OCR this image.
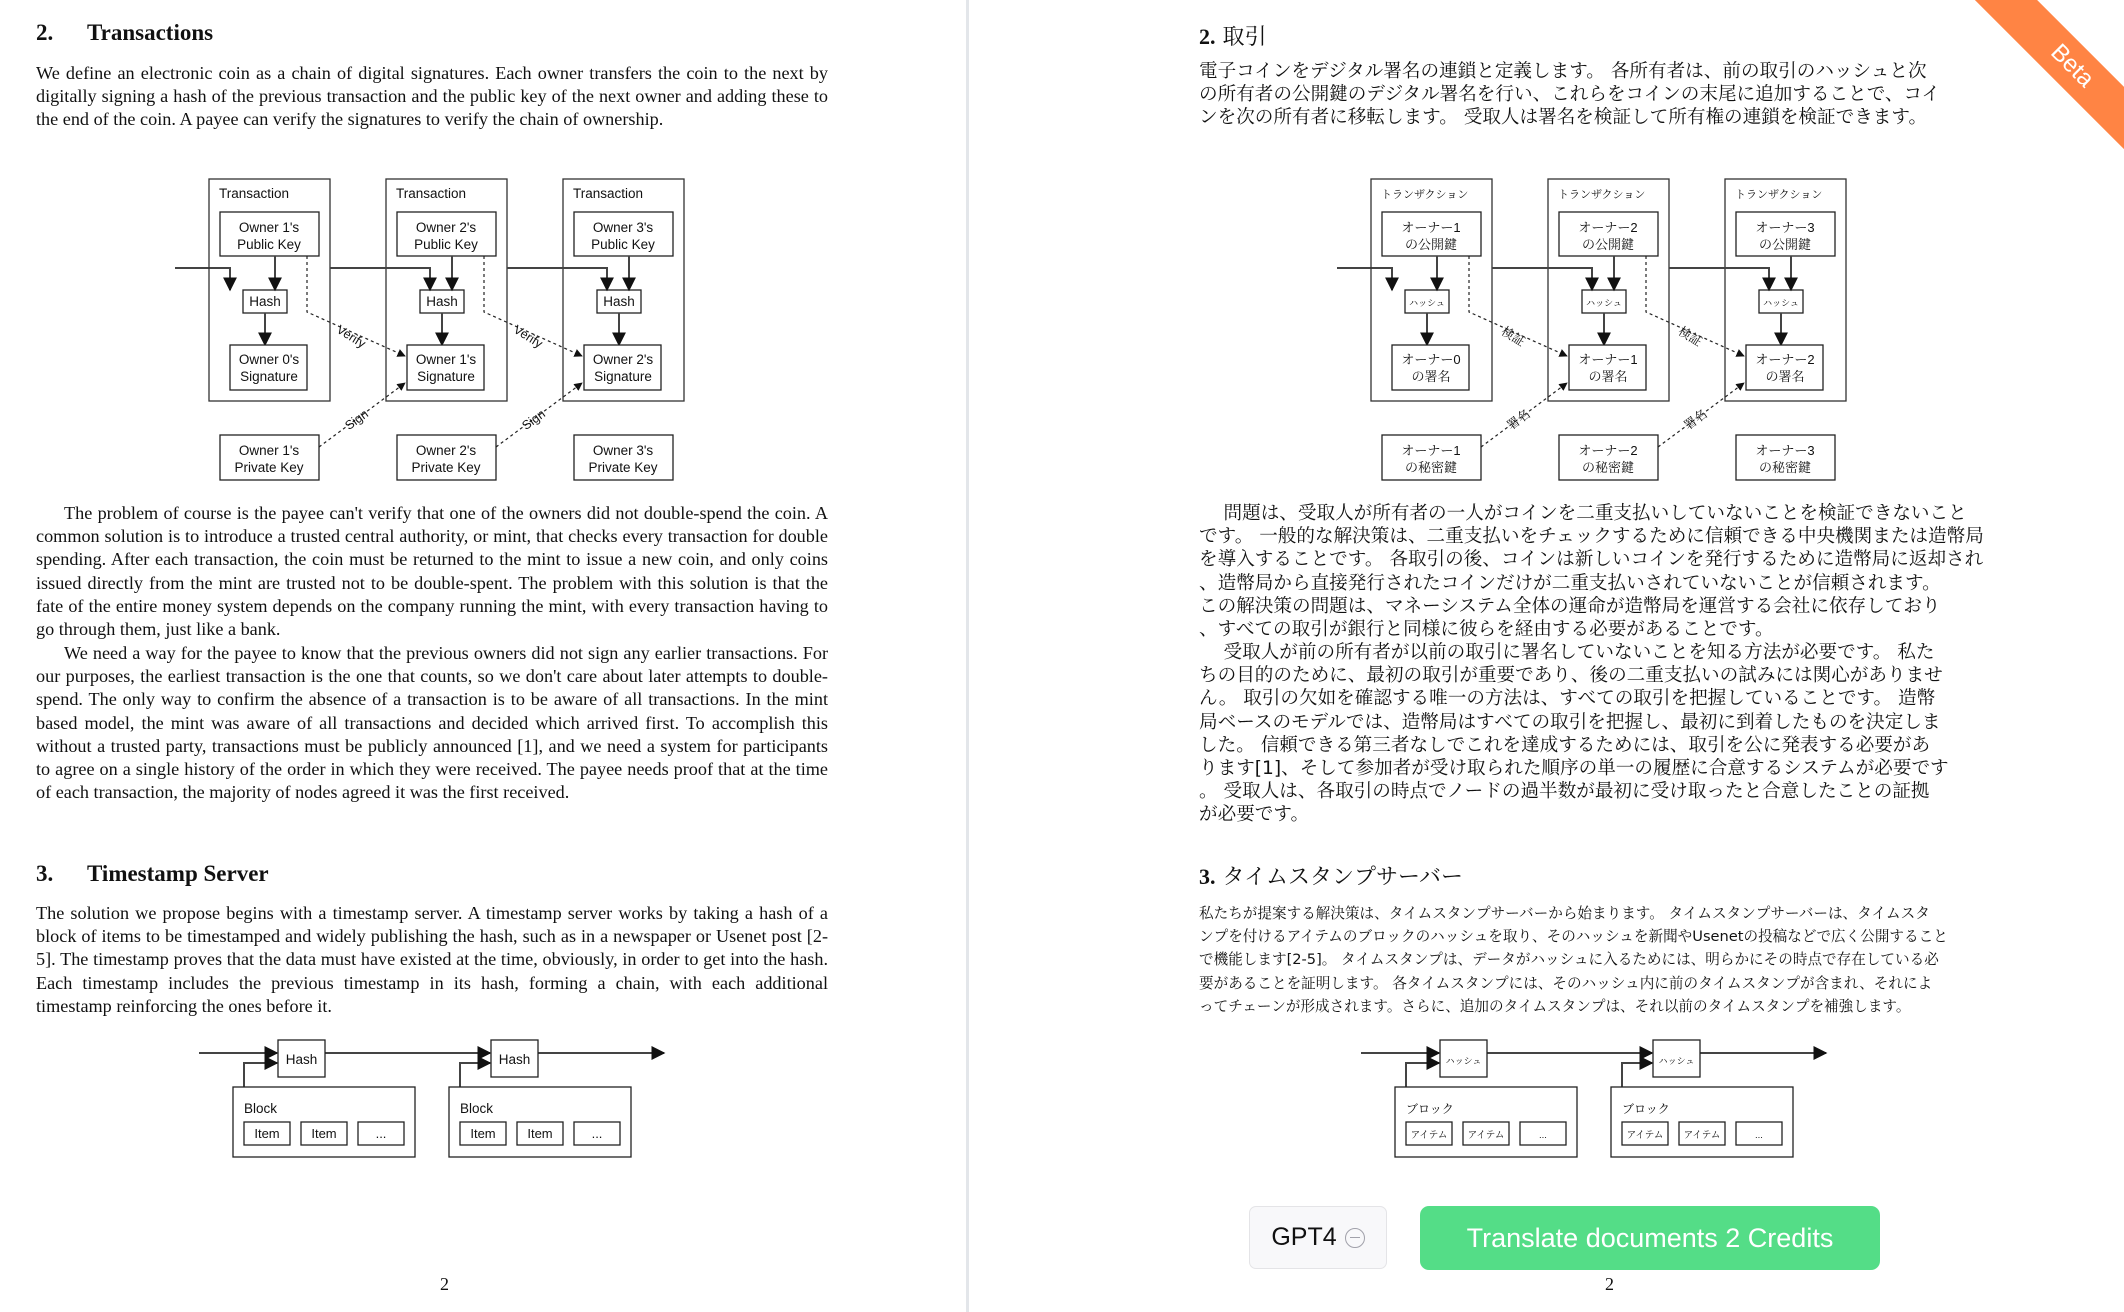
2. Transactions
We define an electronic coin as a chain of digital signatures. Each owner transfers the coin to the next by digitally signing a hash of the previous transaction and the public key of the next owner and adding these to the end of the coin. A payee can verify the signatures to verify the chain of ownership.
Transaction
Owner 1's
Public Key
Hash
Owner 0's
Signature
Owner 1's
Private Key
Verify
Sign
Transaction
Owner 2's
Public Key
Hash
Owner 1's
Signature
Owner 2's
Private Key
Verify
Sign
Transaction
Owner 3's
Public Key
Hash
Owner 2's
Signature
Owner 3's
Private Key
The problem of course is the payee can't verify that one of the owners did not double-spend the coin. A common solution is to introduce a trusted central authority, or mint, that checks every transaction for double spending. After each transaction, the coin must be returned to the mint to issue a new coin, and only coins issued directly from the mint are trusted not to be double-spent. The problem with this solution is that the fate of the entire money system depends on the company running the mint, with every transaction having to go through them, just like a bank.
We need a way for the payee to know that the previous owners did not sign any earlier transactions. For our purposes, the earliest transaction is the one that counts, so we don't care about later attempts to double-spend. The only way to confirm the absence of a transaction is to be aware of all transactions. In the mint based model, the mint was aware of all transactions and decided which arrived first. To accomplish this without a trusted party, transactions must be publicly announced [1], and we need a system for participants to agree on a single history of the order in which they were received. The payee needs proof that at the time of each transaction, the majority of nodes agreed it was the first received.
3. Timestamp Server
The solution we propose begins with a timestamp server. A timestamp server works by taking a hash of a block of items to be timestamped and widely publishing the hash, such as in a newspaper or Usenet post [2-5]. The timestamp proves that the data must have existed at the time, obviously, in order to get into the hash. Each timestamp includes the previous timestamp in its hash, forming a chain, with each additional timestamp reinforcing the ones before it.
Hash
Block
Item Item	...
Hash
Block
Item Item	...
2
2. 取引
電子コインをデジタル署名の連鎖と定義します。 各所有者は、前の取引のハッシュと次
の所有者の公開鍵のデジタル署名を行い、これらをコインの末尾に追加することで、コイ
ンを次の所有者に移転します。 受取人は署名を検証して所有権の連鎖を検証できます。
トランザクション
オーナー1
の公開鍵
ハッシュ
オーナー0
の署名
オーナー1
の秘密鍵
検証
署名
トランザクション
オーナー2
の公開鍵
ハッシュ
オーナー1
の署名
オーナー2
の秘密鍵
検証
署名
トランザクション
オーナー3
の公開鍵
ハッシュ
オーナー2
の署名
オーナー3
の秘密鍵
　 問題は、受取人が所有者の一人がコインを二重支払いしていないことを検証できないこと
です。 一般的な解決策は、二重支払いをチェックするために信頼できる中央機関または造幣局
を導入することです。 各取引の後、コインは新しいコインを発行するために造幣局に返却され
、造幣局から直接発行されたコインだけが二重支払いされていないことが信頼されます。
この解決策の問題は、マネーシステム全体の運命が造幣局を運営する会社に依存しており
、すべての取引が銀行と同様に彼らを経由する必要があることです。
　 受取人が前の所有者が以前の取引に署名していないことを知る方法が必要です。 私た
ちの目的のために、最初の取引が重要であり、後の二重支払いの試みには関心がありませ
ん。 取引の欠如を確認する唯一の方法は、すべての取引を把握していることです。 造幣
局ベースのモデルでは、造幣局はすべての取引を把握し、最初に到着したものを決定しま
した。 信頼できる第三者なしでこれを達成するためには、取引を公に発表する必要があ
ります[1]、そして参加者が受け取られた順序の単一の履歴に合意するシステムが必要です
。 受取人は、各取引の時点でノードの過半数が最初に受け取ったと合意したことの証拠
が必要です。
3. タイムスタンプサーバー
私たちが提案する解決策は、タイムスタンプサーバーから始まります。 タイムスタンプサーバーは、タイムスタ
ンプを付けるアイテムのブロックのハッシュを取り、そのハッシュを新聞やUsenetの投稿などで広く公開すること
で機能します[2-5]。 タイムスタンプは、データがハッシュに入るためには、明らかにその時点で存在している必
要があることを証明します。 各タイムスタンプには、そのハッシュ内に前のタイムスタンプが含まれ、それによ
ってチェーンが形成されます。さらに、追加のタイムスタンプは、それ以前のタイムスタンプを補強します。
ハッシュ
ブロック
アイテム アイテム	...
ハッシュ
ブロック
アイテム アイテム	...
2
Beta
GPT4	Translate documents 2 Credits
